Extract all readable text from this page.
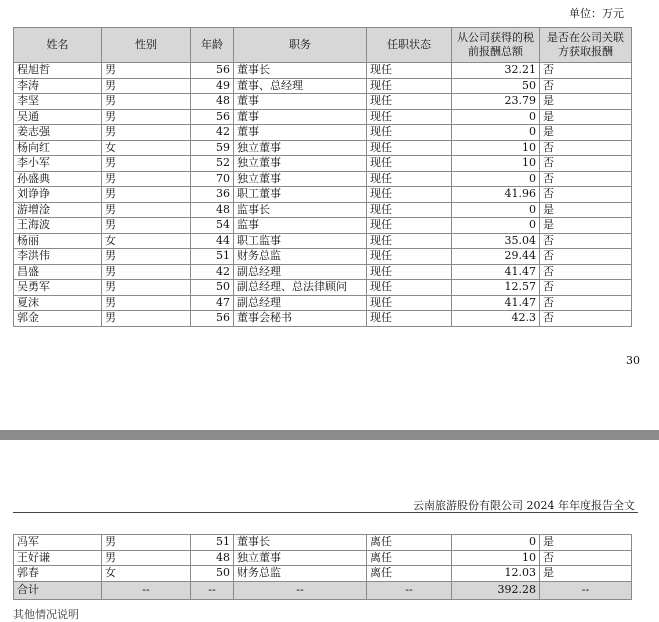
单位：万元
姓名	性别	年龄	职务	任职状态	从公司获得的税前报酬总额	是否在公司关联方获取报酬
程旭哲	男	56	董事长	现任	32.21	否
李涛	男	49	董事、总经理	现任	50	否
李坚	男	48	董事	现任	23.79	是
吴通	男	56	董事	现任	0	是
姜志强	男	42	董事	现任	0	是
杨向红	女	59	独立董事	现任	10	否
李小军	男	52	独立董事	现任	10	否
孙盛典	男	70	独立董事	现任	0	否
刘诤诤	男	36	职工董事	现任	41.96	否
游增淦	男	48	监事长	现任	0	是
王海波	男	54	监事	现任	0	是
杨丽	女	44	职工监事	现任	35.04	否
李洪伟	男	51	财务总监	现任	29.44	否
昌盛	男	42	副总经理	现任	41.47	否
吴勇军	男	50	副总经理、总法律顾问	现任	12.57	否
夏沫	男	47	副总经理	现任	41.47	否
郭金	男	56	董事会秘书	现任	42.3	否
30
云南旅游股份有限公司 2024 年年度报告全文
冯军	男	51	董事长	离任	0	是
王好谦	男	48	独立董事	离任	10	否
郭春	女	50	财务总监	离任	12.03	是
合计	--	--	--	--	392.28	--
其他情况说明
